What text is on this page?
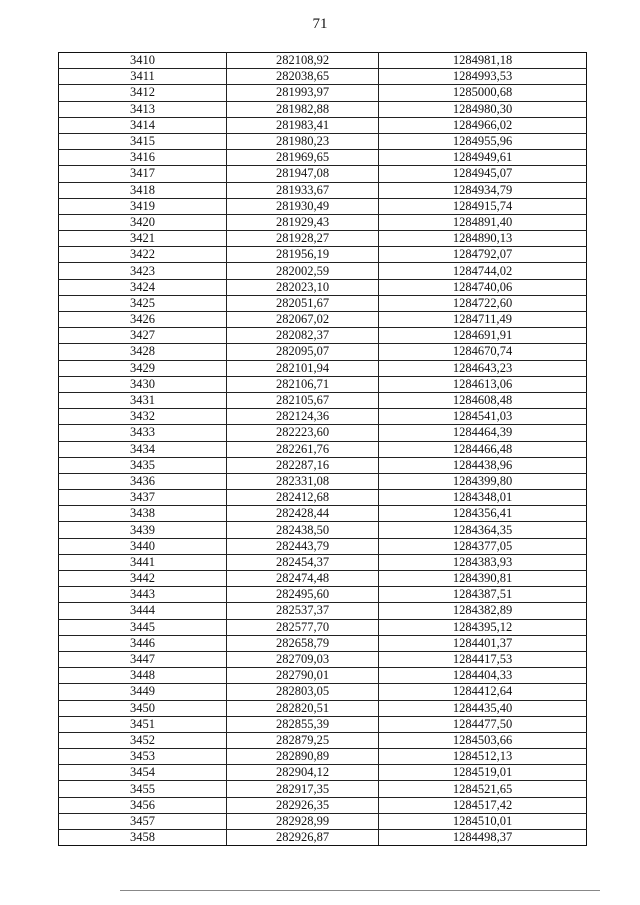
71
3410	282108,92	1284981,18
3411	282038,65	1284993,53
3412	281993,97	1285000,68
3413	281982,88	1284980,30
3414	281983,41	1284966,02
3415	281980,23	1284955,96
3416	281969,65	1284949,61
3417	281947,08	1284945,07
3418	281933,67	1284934,79
3419	281930,49	1284915,74
3420	281929,43	1284891,40
3421	281928,27	1284890,13
3422	281956,19	1284792,07
3423	282002,59	1284744,02
3424	282023,10	1284740,06
3425	282051,67	1284722,60
3426	282067,02	1284711,49
3427	282082,37	1284691,91
3428	282095,07	1284670,74
3429	282101,94	1284643,23
3430	282106,71	1284613,06
3431	282105,67	1284608,48
3432	282124,36	1284541,03
3433	282223,60	1284464,39
3434	282261,76	1284466,48
3435	282287,16	1284438,96
3436	282331,08	1284399,80
3437	282412,68	1284348,01
3438	282428,44	1284356,41
3439	282438,50	1284364,35
3440	282443,79	1284377,05
3441	282454,37	1284383,93
3442	282474,48	1284390,81
3443	282495,60	1284387,51
3444	282537,37	1284382,89
3445	282577,70	1284395,12
3446	282658,79	1284401,37
3447	282709,03	1284417,53
3448	282790,01	1284404,33
3449	282803,05	1284412,64
3450	282820,51	1284435,40
3451	282855,39	1284477,50
3452	282879,25	1284503,66
3453	282890,89	1284512,13
3454	282904,12	1284519,01
3455	282917,35	1284521,65
3456	282926,35	1284517,42
3457	282928,99	1284510,01
3458	282926,87	1284498,37
